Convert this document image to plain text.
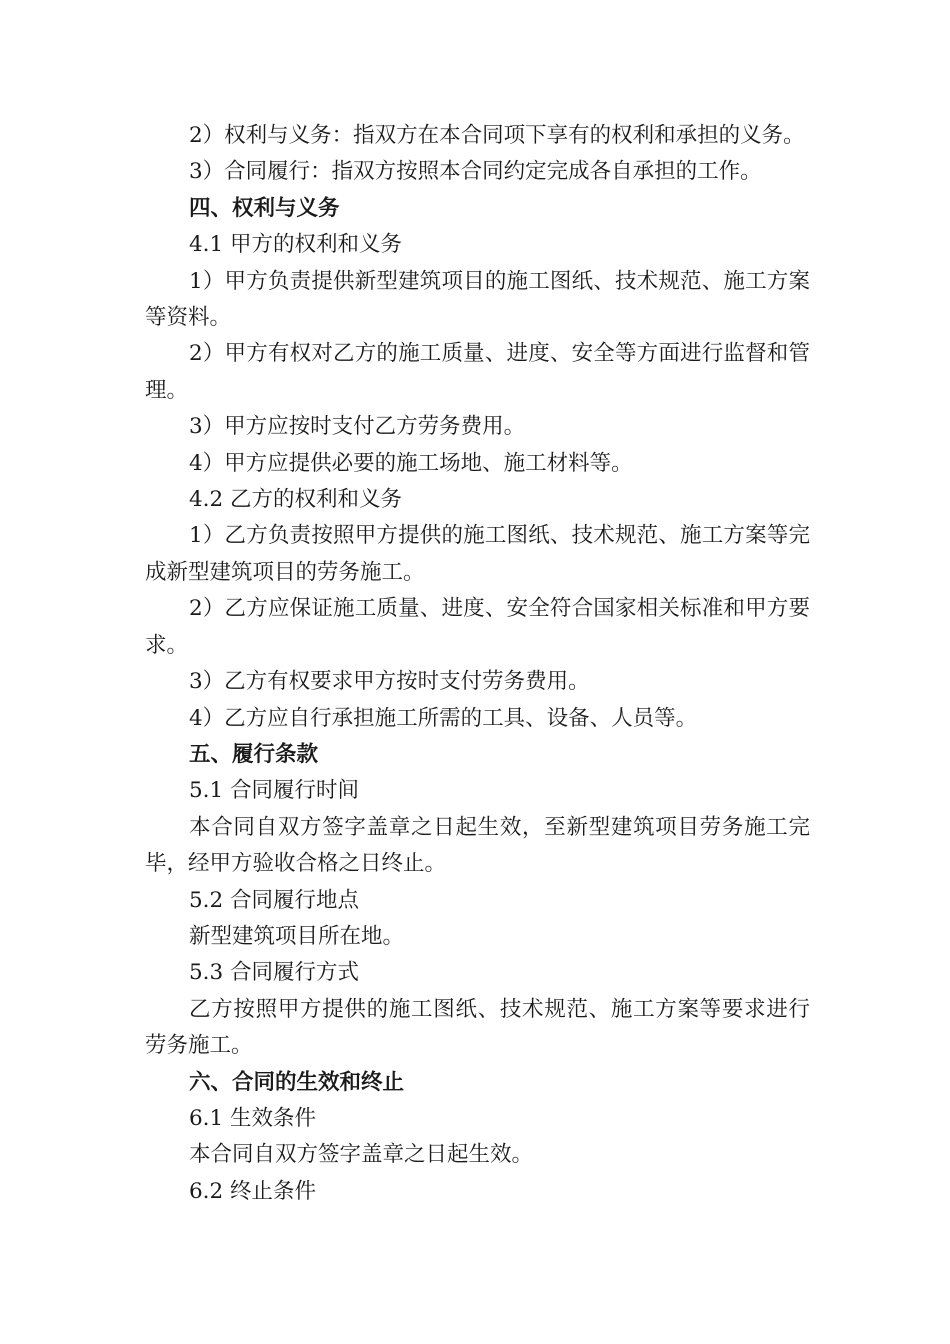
2）权利与义务：指双方在本合同项下享有的权利和承担的义务。

3）合同履行：指双方按照本合同约定完成各自承担的工作。

四、权利与义务

4.1 甲方的权利和义务

1）甲方负责提供新型建筑项目的施工图纸、技术规范、施工方案等资料。

2）甲方有权对乙方的施工质量、进度、安全等方面进行监督和管理。

3）甲方应按时支付乙方劳务费用。

4）甲方应提供必要的施工场地、施工材料等。

4.2 乙方的权利和义务

1）乙方负责按照甲方提供的施工图纸、技术规范、施工方案等完成新型建筑项目的劳务施工。

2）乙方应保证施工质量、进度、安全符合国家相关标准和甲方要求。

3）乙方有权要求甲方按时支付劳务费用。

4）乙方应自行承担施工所需的工具、设备、人员等。

五、履行条款

5.1 合同履行时间

本合同自双方签字盖章之日起生效，至新型建筑项目劳务施工完毕，经甲方验收合格之日终止。

5.2 合同履行地点

新型建筑项目所在地。

5.3 合同履行方式

乙方按照甲方提供的施工图纸、技术规范、施工方案等要求进行劳务施工。

六、合同的生效和终止

6.1 生效条件

本合同自双方签字盖章之日起生效。

6.2 终止条件
